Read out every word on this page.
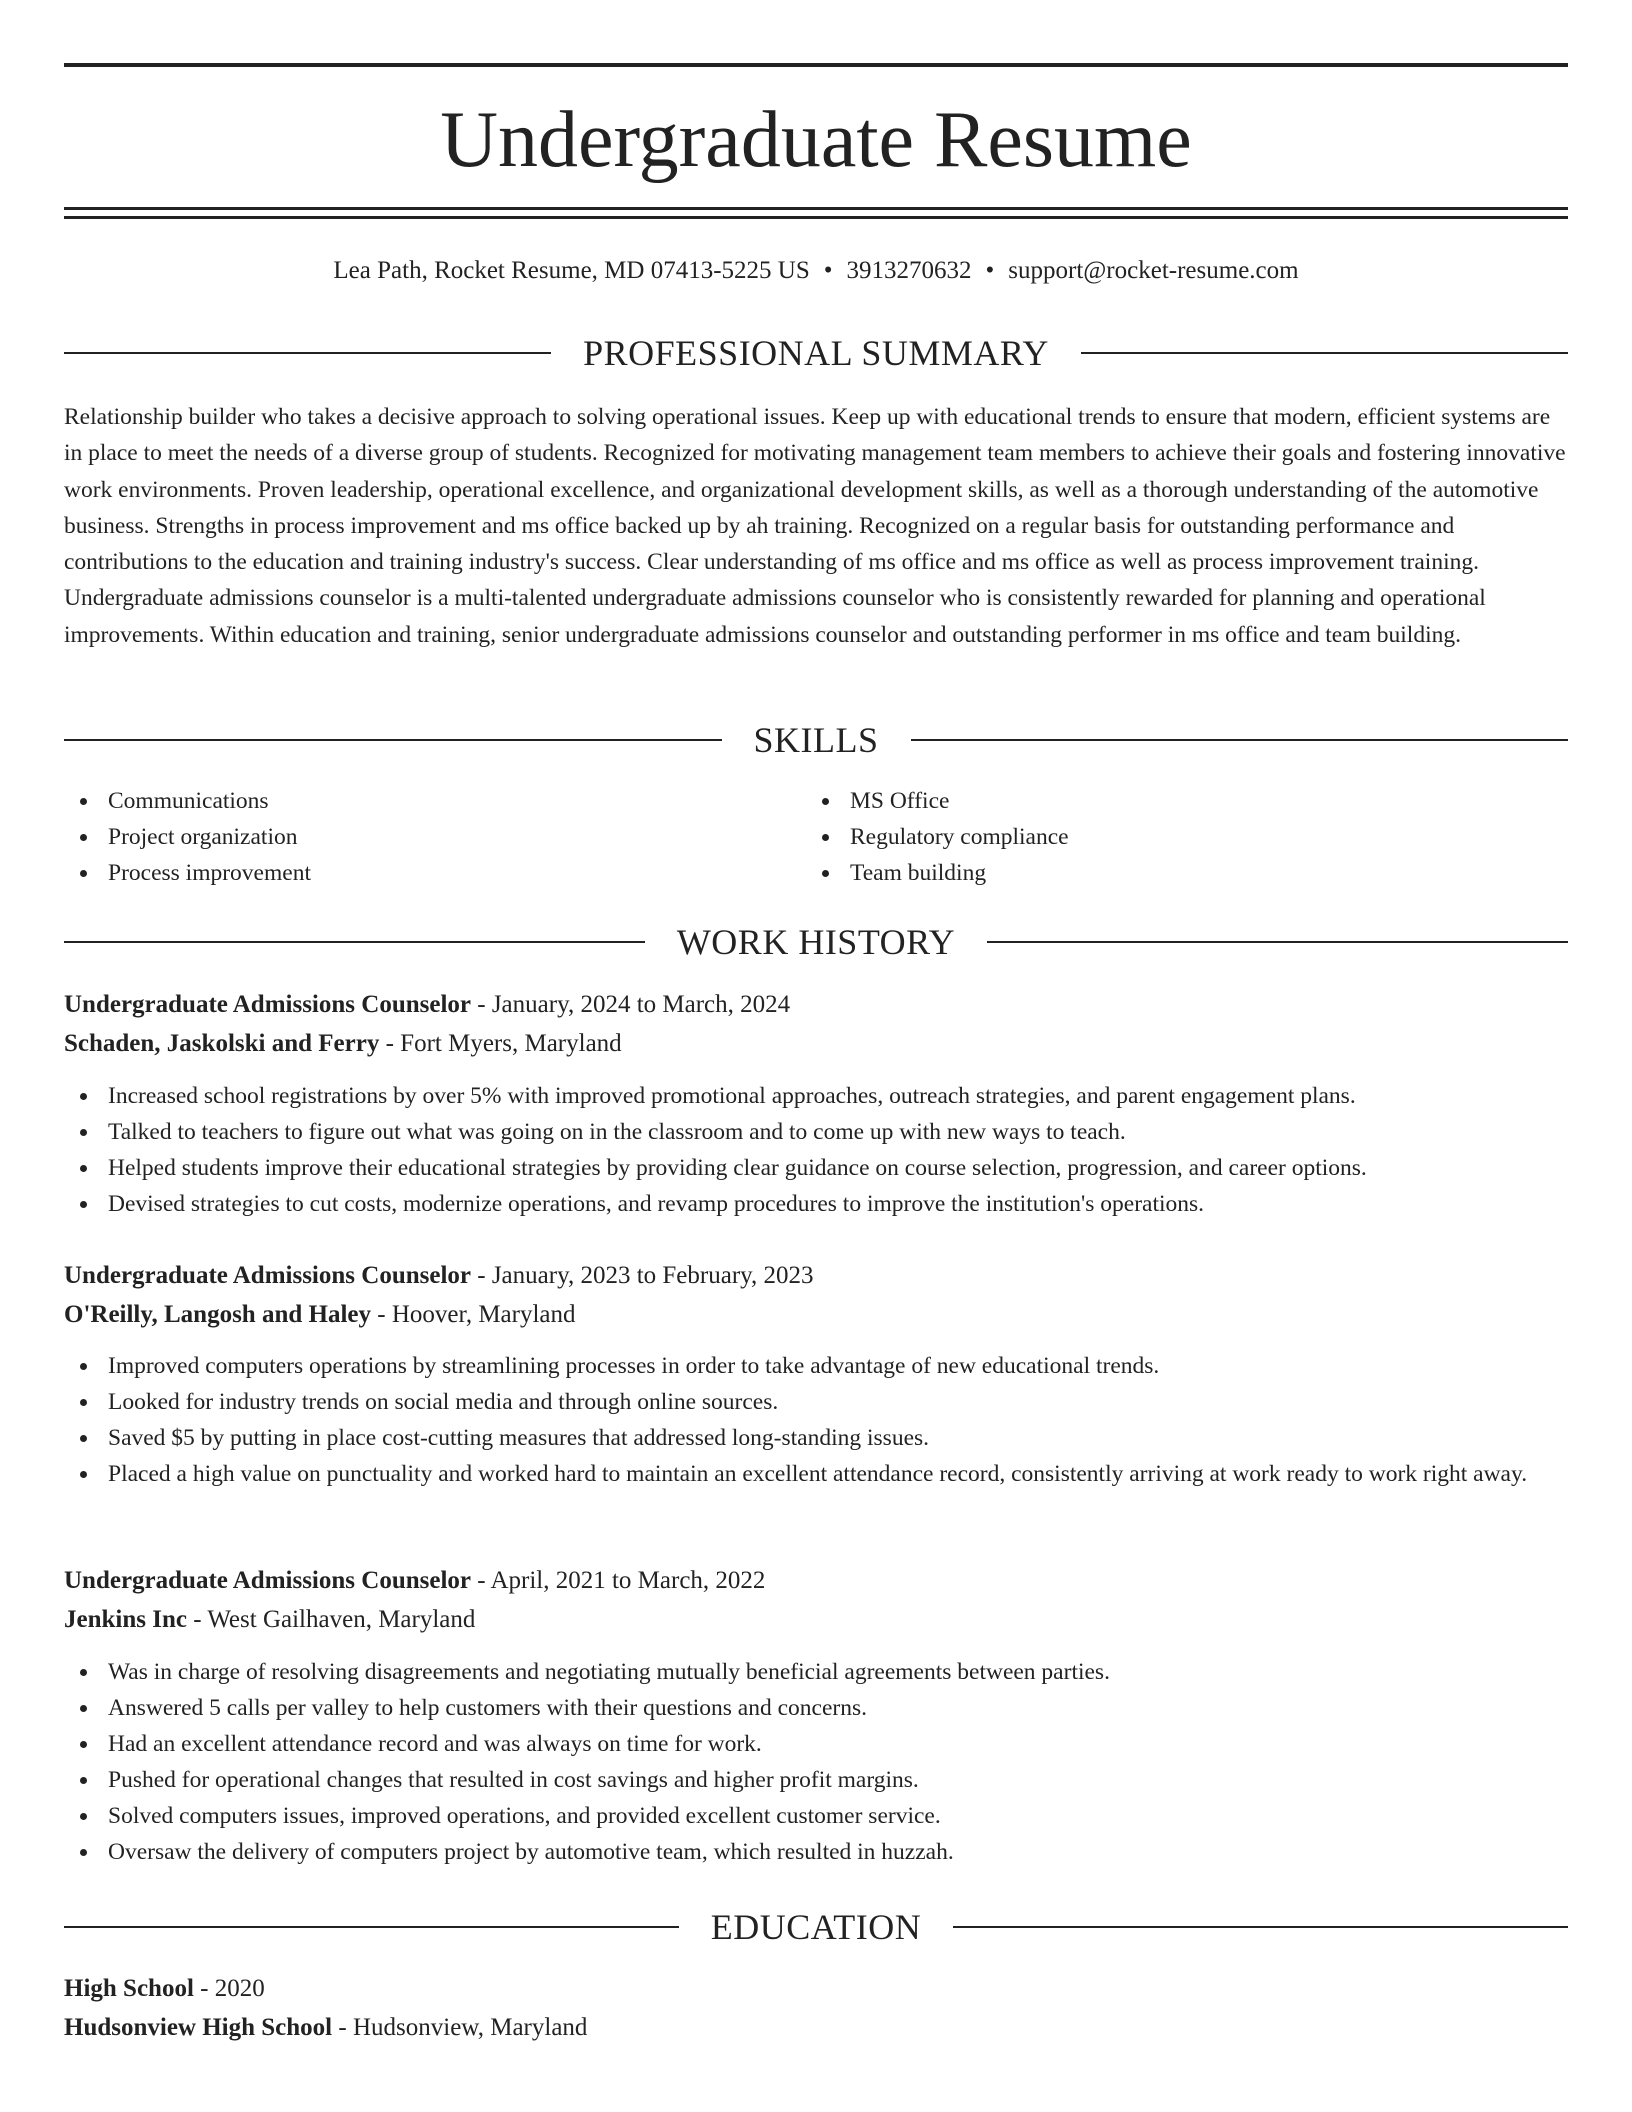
Undergraduate Resume
Lea Path, Rocket Resume, MD 07413-5225 US • 3913270632 • support@rocket-resume.com
PROFESSIONAL SUMMARY

Relationship builder who takes a decisive approach to solving operational issues. Keep up with educational trends to ensure that modern, efficient systems are in place to meet the needs of a diverse group of students. Recognized for motivating management team members to achieve their goals and fostering innovative work environments. Proven leadership, operational excellence, and organizational development skills, as well as a thorough understanding of the automotive business. Strengths in process improvement and ms office backed up by ah training. Recognized on a regular basis for outstanding performance and contributions to the education and training industry's success. Clear understanding of ms office and ms office as well as process improvement training. Undergraduate admissions counselor is a multi-talented undergraduate admissions counselor who is consistently rewarded for planning and operational improvements. Within education and training, senior undergraduate admissions counselor and outstanding performer in ms office and team building.

SKILLS
Communications
Project organization
Process improvement
MS Office
Regulatory compliance
Team building
WORK HISTORY
Undergraduate Admissions Counselor - January, 2024 to March, 2024
Schaden, Jaskolski and Ferry - Fort Myers, Maryland
Increased school registrations by over 5% with improved promotional approaches, outreach strategies, and parent engagement plans.
Talked to teachers to figure out what was going on in the classroom and to come up with new ways to teach.
Helped students improve their educational strategies by providing clear guidance on course selection, progression, and career options.
Devised strategies to cut costs, modernize operations, and revamp procedures to improve the institution's operations.
Undergraduate Admissions Counselor - January, 2023 to February, 2023
O'Reilly, Langosh and Haley - Hoover, Maryland
Improved computers operations by streamlining processes in order to take advantage of new educational trends.
Looked for industry trends on social media and through online sources.
Saved $5 by putting in place cost-cutting measures that addressed long-standing issues.
Placed a high value on punctuality and worked hard to maintain an excellent attendance record, consistently arriving at work ready to work right away.
Undergraduate Admissions Counselor - April, 2021 to March, 2022
Jenkins Inc - West Gailhaven, Maryland
Was in charge of resolving disagreements and negotiating mutually beneficial agreements between parties.
Answered 5 calls per valley to help customers with their questions and concerns.
Had an excellent attendance record and was always on time for work.
Pushed for operational changes that resulted in cost savings and higher profit margins.
Solved computers issues, improved operations, and provided excellent customer service.
Oversaw the delivery of computers project by automotive team, which resulted in huzzah.
EDUCATION
High School - 2020
Hudsonview High School - Hudsonview, Maryland
